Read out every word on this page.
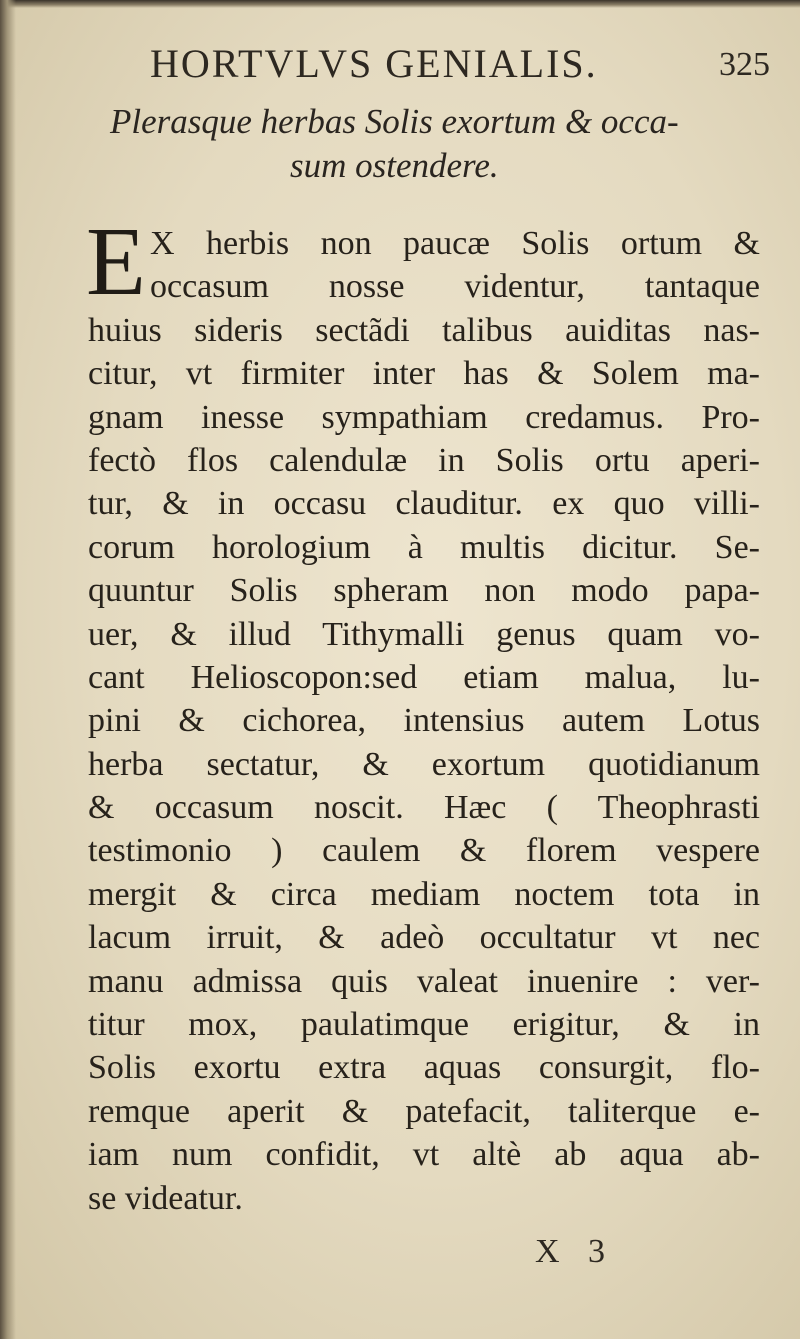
HORTVLVS GENIALIS.	325
Plerasque herbas Solis exortum & occa-
sum ostendere.
E X herbis non paucæ Solis ortum &
occasum nosse videntur, tantaque
huius sideris sectãdi talibus auiditas nas-
citur, vt firmiter inter has & Solem ma-
gnam inesse sympathiam credamus. Pro-
fectò flos calendulæ in Solis ortu aperi-
tur, & in occasu clauditur. ex quo villi-
corum horologium à multis dicitur. Se-
quuntur Solis spheram non modo papa-
uer, & illud Tithymalli genus quam vo-
cant Helioscopon:sed etiam malua, lu-
pini & cichorea, intensius autem Lotus
herba sectatur, & exortum quotidianum
& occasum noscit. Hæc ( Theophrasti
testimonio ) caulem & florem vespere
mergit & circa mediam noctem tota in
lacum irruit, & adeò occultatur vt nec
manu admissa quis valeat inuenire : ver-
titur mox, paulatimque erigitur, & in
Solis exortu extra aquas consurgit, flo-
remque aperit & patefacit, taliterque e-
iam num confidit, vt altè ab aqua ab-
se videatur.
X 3
